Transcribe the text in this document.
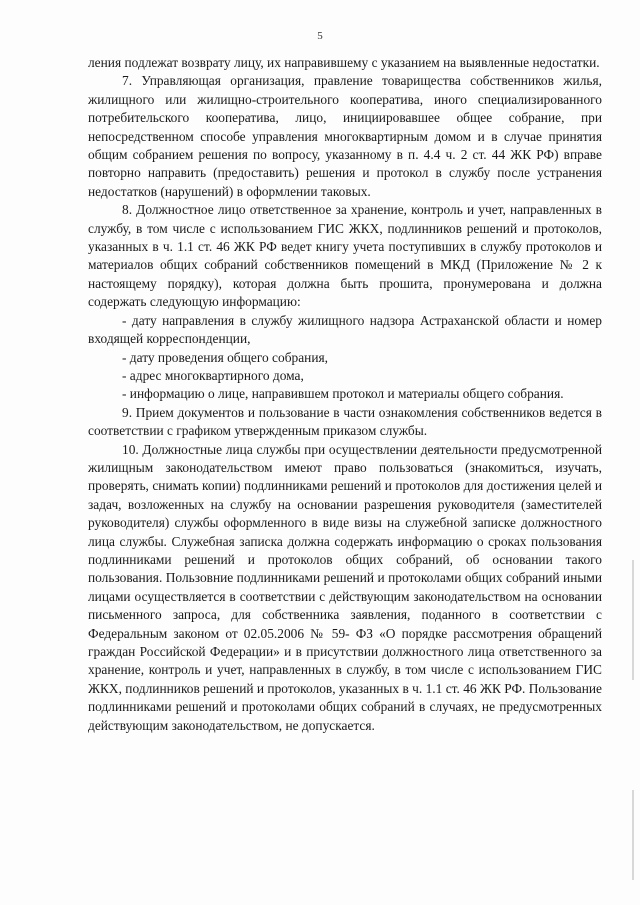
5

ления подлежат возврату лицу, их направившему с указанием на выявленные недостатки.

7. Управляющая организация, правление товарищества собственников жилья, жилищного или жилищно-строительного кооператива, иного специализированного потребительского кооператива, лицо, инициировавшее общее собрание, при непосредственном способе управления многоквартирным домом и в случае принятия общим собранием решения по вопросу, указанному в п. 4.4 ч. 2 ст. 44 ЖК РФ) вправе повторно направить (предоставить) решения и протокол в службу после устранения недостатков (нарушений) в оформлении таковых.

8. Должностное лицо ответственное за хранение, контроль и учет, направленных в службу, в том числе с использованием ГИС ЖКХ, подлинников решений и протоколов, указанных в ч. 1.1 ст. 46 ЖК РФ ведет книгу учета поступивших в службу протоколов и материалов общих собраний собственников помещений в МКД (Приложение № 2 к настоящему порядку), которая должна быть прошита, пронумерована и должна содержать следующую информацию:

- дату направления в службу жилищного надзора Астраханской области и номер входящей корреспонденции,

- дату проведения общего собрания,

- адрес многоквартирного дома,

- информацию о лице, направившем протокол и материалы общего собрания.

9. Прием документов и пользование в части ознакомления собственников ведется в соответствии с графиком утвержденным приказом службы.

10. Должностные лица службы при осуществлении деятельности предусмотренной жилищным законодательством имеют право пользоваться (знакомиться, изучать, проверять, снимать копии) подлинниками решений и протоколов для достижения целей и задач, возложенных на службу на основании разрешения руководителя (заместителей руководителя) службы оформленного в виде визы на служебной записке должностного лица службы. Служебная записка должна содержать информацию о сроках пользования подлинниками решений и протоколов общих собраний, об основании такого пользования. Пользовние подлинниками решений и протоколами общих собраний иными лицами осуществляется в соответствии с действующим законодательством на основании письменного запроса, для собственника заявления, поданного в соответствии с Федеральным законом от 02.05.2006 № 59- ФЗ «О порядке рассмотрения обращений граждан Российской Федерации» и в присутствии должностного лица ответственного за хранение, контроль и учет, направленных в службу, в том числе с использованием ГИС ЖКХ, подлинников решений и протоколов, указанных в ч. 1.1 ст. 46 ЖК РФ. Пользование подлинниками решений и протоколами общих собраний в случаях, не предусмотренных действующим законодательством, не допускается.
